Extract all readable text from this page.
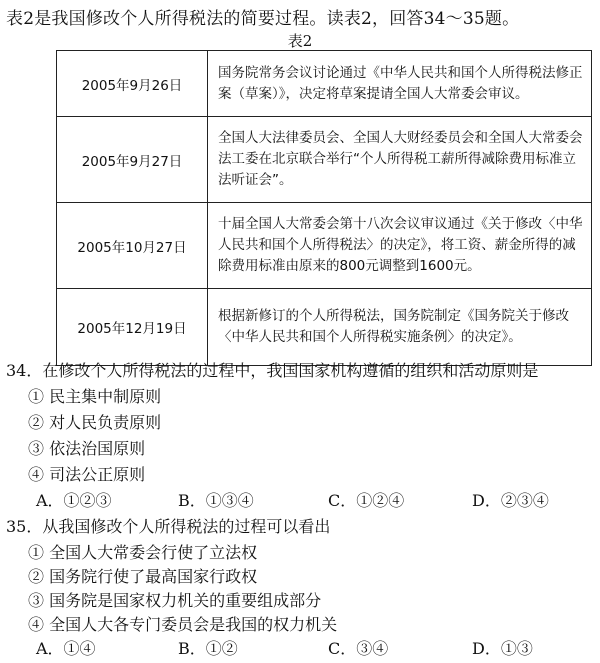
表2是我国修改个人所得税法的简要过程。读表2，回答34～35题。
表2
2005年9月26日	国务院常务会议讨论通过《中华人民共和国个人所得税法修正案（草案）》，决定将草案提请全国人大常委会审议。
2005年9月27日	全国人大法律委员会、全国人大财经委员会和全国人大常委会法工委在北京联合举行“个人所得税工薪所得减除费用标准立法听证会”。
2005年10月27日	十届全国人大常委会第十八次会议审议通过《关于修改〈中华人民共和国个人所得税法〉的决定》，将工资、薪金所得的减除费用标准由原来的800元调整到1600元。
2005年12月19日	根据新修订的个人所得税法，国务院制定《国务院关于修改〈中华人民共和国个人所得税实施条例〉的决定》。
34．在修改个人所得税法的过程中，我国国家机构遵循的组织和活动原则是
① 民主集中制原则
② 对人民负责原则
③ 依法治国原则
④ 司法公正原则
A．①②③	B．①③④	C．①②④	D．②③④
35．从我国修改个人所得税法的过程可以看出
① 全国人大常委会行使了立法权
② 国务院行使了最高国家行政权
③ 国务院是国家权力机关的重要组成部分
④ 全国人大各专门委员会是我国的权力机关
A．①④	B．①②	C．③④	D．①③
